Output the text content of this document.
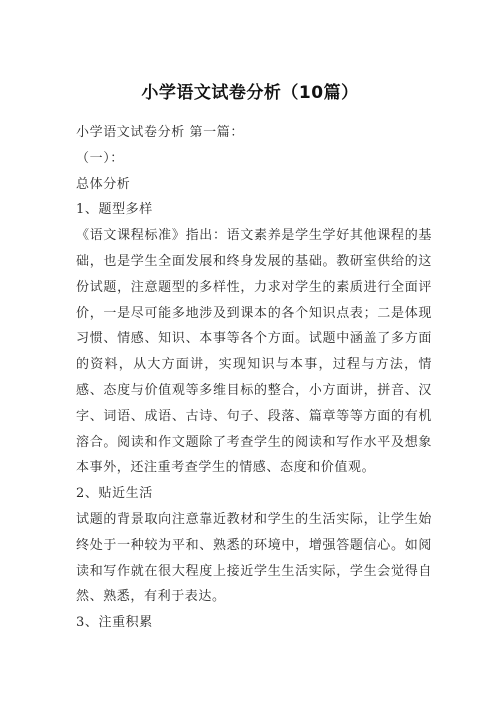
小学语文试卷分析（10篇）

小学语文试卷分析 第一篇：

（一）：

总体分析

1、题型多样

《语文课程标准》指出：语文素养是学生学好其他课程的基础，也是学生全面发展和终身发展的基础。教研室供给的这份试题，注意题型的多样性，力求对学生的素质进行全面评价，一是尽可能多地涉及到课本的各个知识点表；二是体现习惯、情感、知识、本事等各个方面。试题中涵盖了多方面的资料，从大方面讲，实现知识与本事，过程与方法，情感、态度与价值观等多维目标的整合，小方面讲，拼音、汉字、词语、成语、古诗、句子、段落、篇章等等方面的有机溶合。阅读和作文题除了考查学生的阅读和写作水平及想象本事外，还注重考查学生的情感、态度和价值观。

2、贴近生活

试题的背景取向注意靠近教材和学生的生活实际，让学生始终处于一种较为平和、熟悉的环境中，增强答题信心。如阅读和写作就在很大程度上接近学生生活实际，学生会觉得自然、熟悉，有利于表达。

3、注重积累
